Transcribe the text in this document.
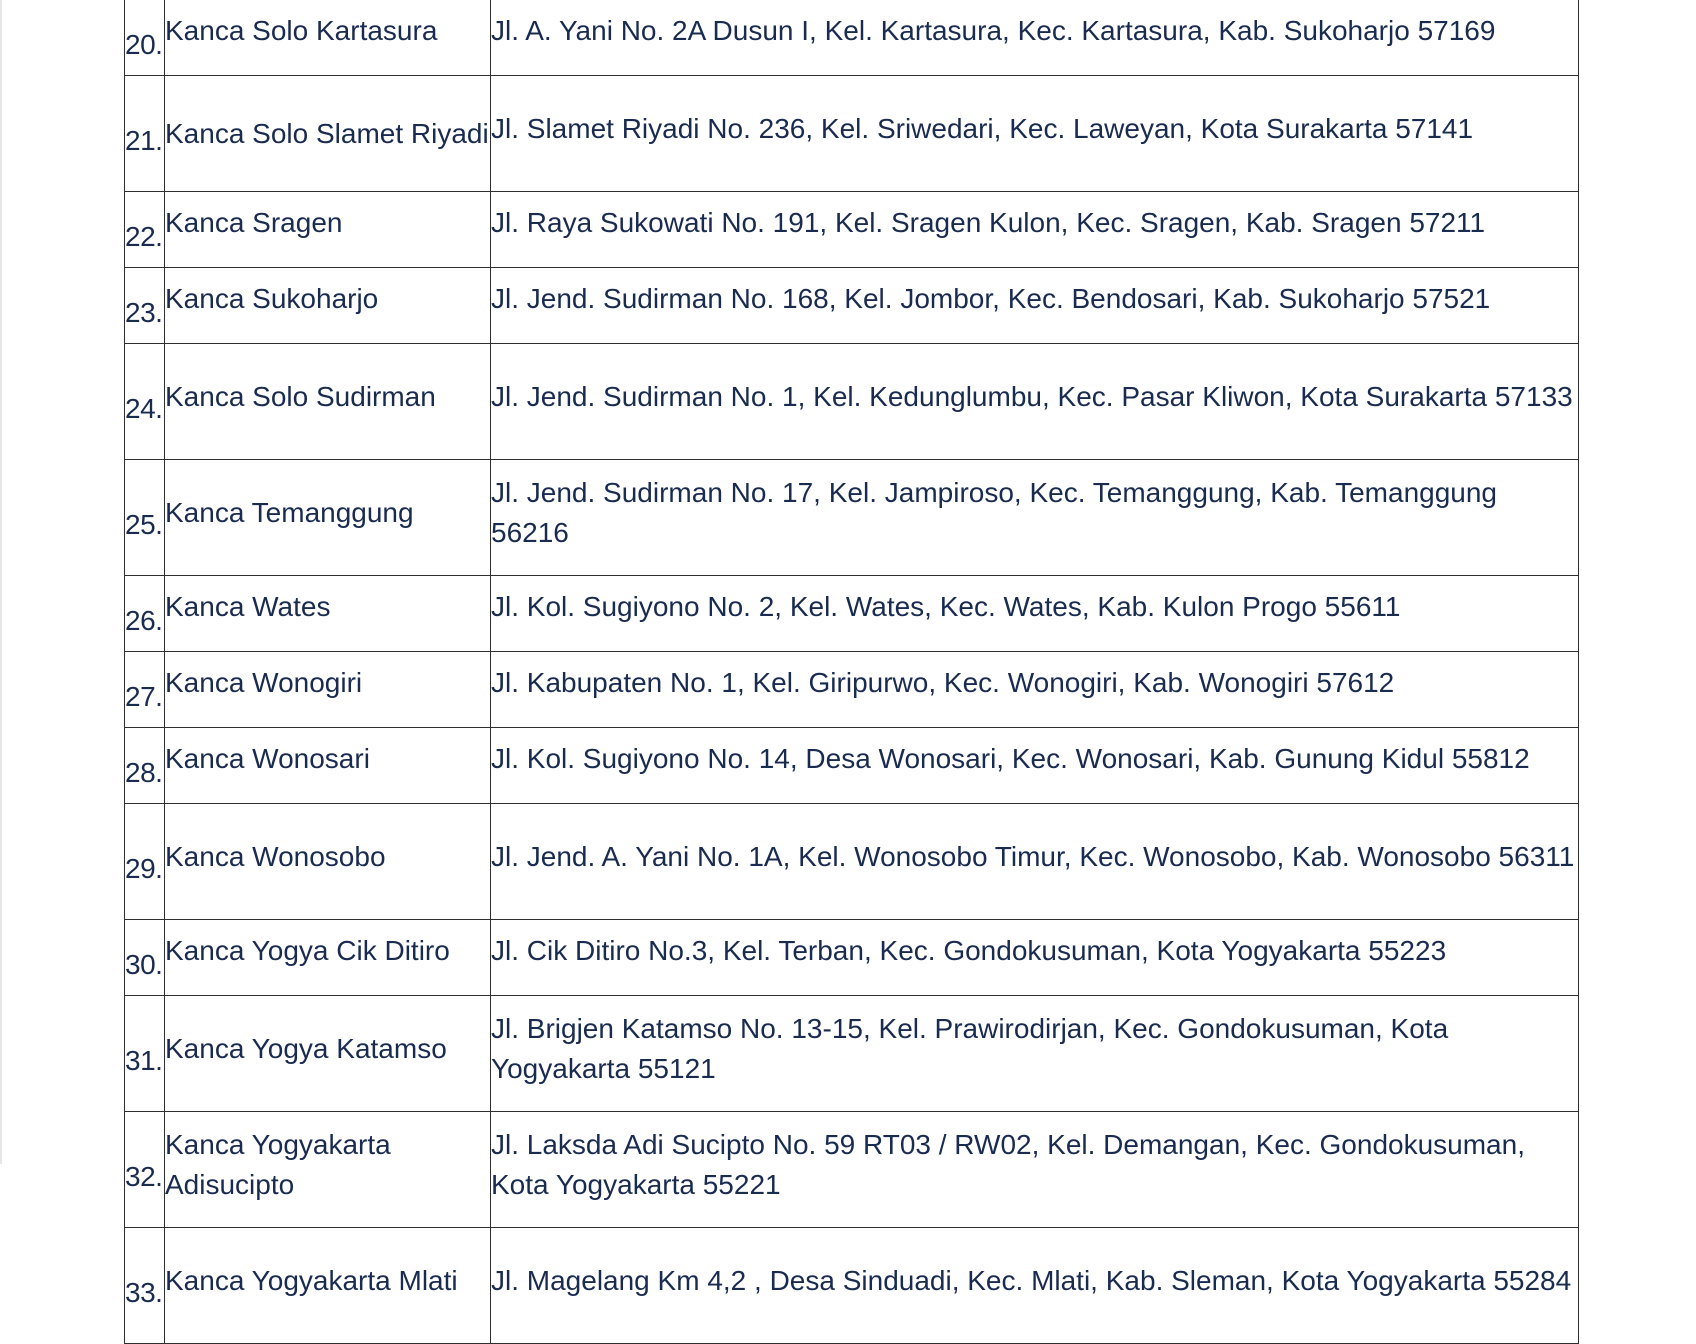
20.	Kanca Solo Kartasura	Jl. A. Yani No. 2A Dusun I, Kel. Kartasura, Kec. Kartasura, Kab. Sukoharjo 57169

21.	Kanca Solo Slamet Riyadi	Jl. Slamet Riyadi No. 236, Kel. Sriwedari, Kec. Laweyan, Kota Surakarta 57141

22.	Kanca Sragen	Jl. Raya Sukowati No. 191, Kel. Sragen Kulon, Kec. Sragen, Kab. Sragen 57211

23.	Kanca Sukoharjo	Jl. Jend. Sudirman No. 168, Kel. Jombor, Kec. Bendosari, Kab. Sukoharjo 57521

24.	Kanca Solo Sudirman	Jl. Jend. Sudirman No. 1, Kel. Kedunglumbu, Kec. Pasar Kliwon, Kota Surakarta 57133

25.	Kanca Temanggung	Jl. Jend. Sudirman No. 17, Kel. Jampiroso, Kec. Temanggung, Kab. Temanggung 56216

26.	Kanca Wates	Jl. Kol. Sugiyono No. 2, Kel. Wates, Kec. Wates, Kab. Kulon Progo 55611

27.	Kanca Wonogiri	Jl. Kabupaten No. 1, Kel. Giripurwo, Kec. Wonogiri, Kab. Wonogiri 57612

28.	Kanca Wonosari	Jl. Kol. Sugiyono No. 14, Desa Wonosari, Kec. Wonosari, Kab. Gunung Kidul 55812

29.	Kanca Wonosobo	Jl. Jend. A. Yani No. 1A, Kel. Wonosobo Timur, Kec. Wonosobo, Kab. Wonosobo 56311

30.	Kanca Yogya Cik Ditiro	Jl. Cik Ditiro No.3, Kel. Terban, Kec. Gondokusuman, Kota Yogyakarta 55223

31.	Kanca Yogya Katamso	Jl. Brigjen Katamso No. 13-15, Kel. Prawirodirjan, Kec. Gondokusuman, Kota Yogyakarta 55121

32.	Kanca Yogyakarta Adisucipto	Jl. Laksda Adi Sucipto No. 59 RT03 / RW02, Kel. Demangan, Kec. Gondokusuman, Kota Yogyakarta 55221

33.	Kanca Yogyakarta Mlati	Jl. Magelang Km 4,2 , Desa Sinduadi, Kec. Mlati, Kab. Sleman, Kota Yogyakarta 55284
